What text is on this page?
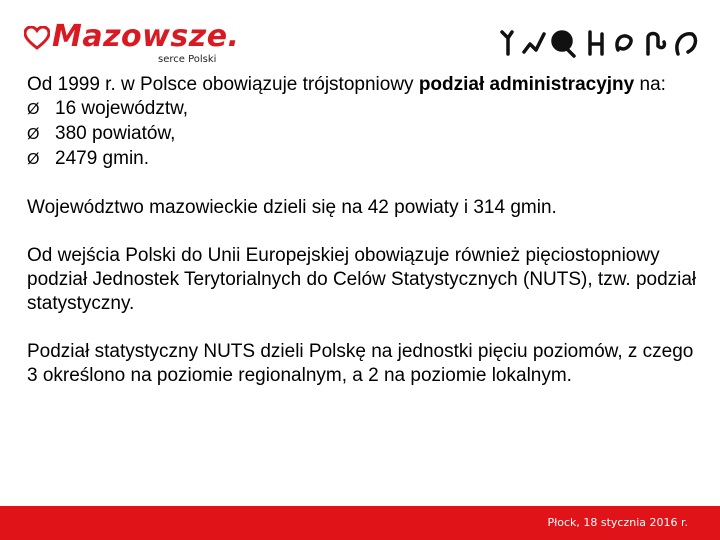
Mazowsze.
serce Polski

Od 1999 r. w Polsce obowiązuje trójstopniowy podział administracyjny na:

Ø 16 województw,
Ø 380 powiatów,
Ø 2479 gmin.

Województwo mazowieckie dzieli się na 42 powiaty i 314 gmin.

Od wejścia Polski do Unii Europejskiej obowiązuje również pięciostopniowy podział Jednostek Terytorialnych do Celów Statystycznych (NUTS), tzw. podział statystyczny.

Podział statystyczny NUTS dzieli Polskę na jednostki pięciu poziomów, z czego 3 określono na poziomie regionalnym, a 2 na poziomie lokalnym.

Płock, 18 stycznia 2016 r.
